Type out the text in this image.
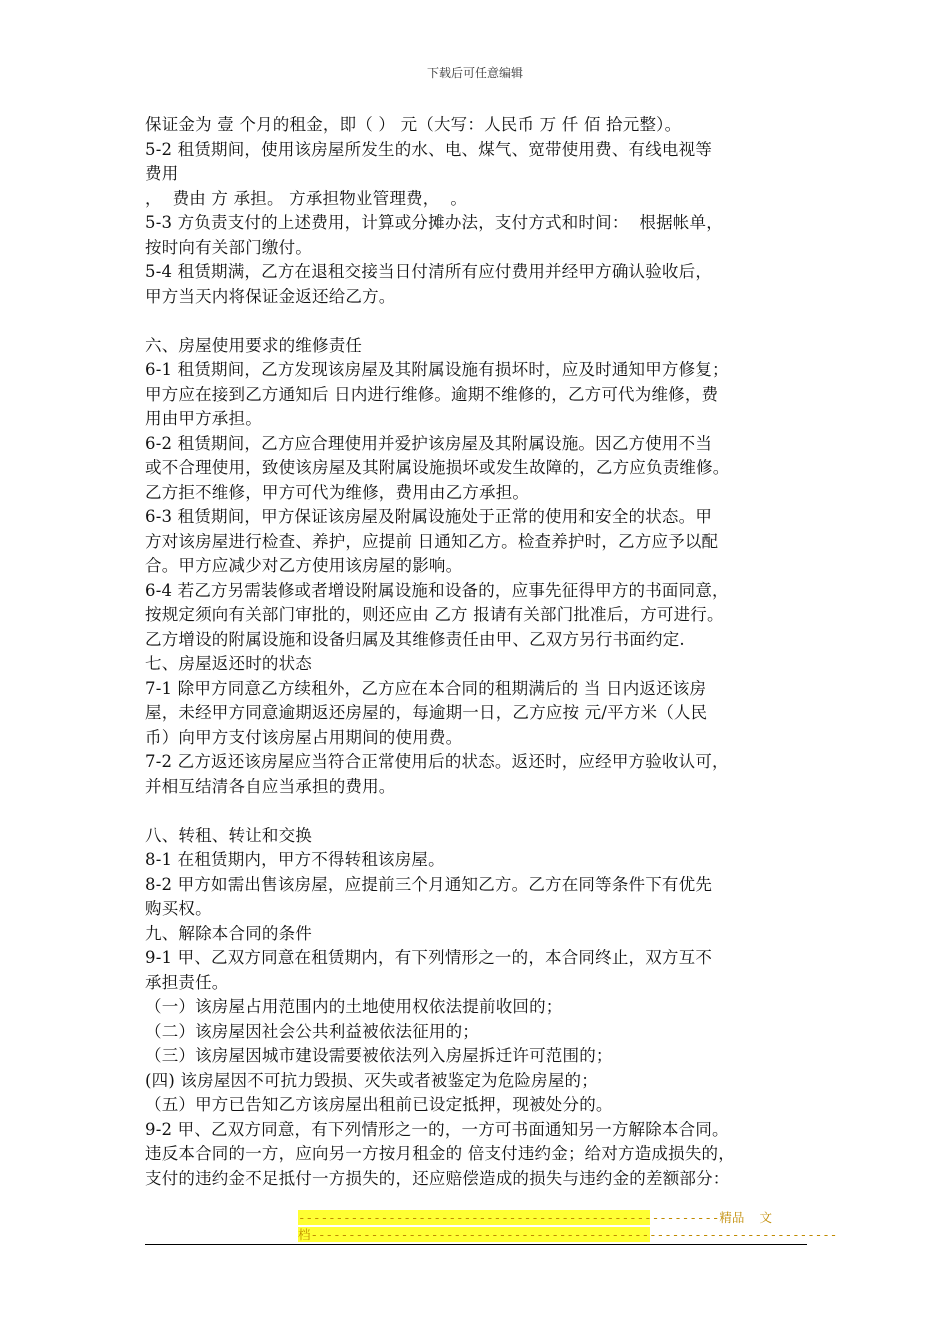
下载后可任意编辑
保证金为 壹 个月的租金，即（ ） 元（大写：人民币 万 仟 佰 拾元整）。
5-2 租赁期间，使用该房屋所发生的水、电、煤气、宽带使用费、有线电视等
费用
，  费由 方 承担。 方承担物业管理费，  。
5-3 方负责支付的上述费用，计算或分摊办法，支付方式和时间：  根据帐单，
按时向有关部门缴付。
5-4 租赁期满，乙方在退租交接当日付清所有应付费用并经甲方确认验收后，
甲方当天内将保证金返还给乙方。
六、房屋使用要求的维修责任
6-1 租赁期间，乙方发现该房屋及其附属设施有损坏时，应及时通知甲方修复；
甲方应在接到乙方通知后 日内进行维修。逾期不维修的，乙方可代为维修，费
用由甲方承担。
6-2 租赁期间，乙方应合理使用并爱护该房屋及其附属设施。因乙方使用不当
或不合理使用，致使该房屋及其附属设施损坏或发生故障的，乙方应负责维修。
乙方拒不维修，甲方可代为维修，费用由乙方承担。
6-3 租赁期间，甲方保证该房屋及附属设施处于正常的使用和安全的状态。甲
方对该房屋进行检查、养护，应提前 日通知乙方。检查养护时，乙方应予以配
合。甲方应减少对乙方使用该房屋的影响。
6-4 若乙方另需装修或者增设附属设施和设备的，应事先征得甲方的书面同意，
按规定须向有关部门审批的，则还应由 乙方 报请有关部门批准后，方可进行。
乙方增设的附属设施和设备归属及其维修责任由甲、乙双方另行书面约定.
七、房屋返还时的状态
7-1 除甲方同意乙方续租外，乙方应在本合同的租期满后的 当 日内返还该房
屋，未经甲方同意逾期返还房屋的，每逾期一日，乙方应按 元/平方米（人民
币）向甲方支付该房屋占用期间的使用费。
7-2 乙方返还该房屋应当符合正常使用后的状态。返还时，应经甲方验收认可，
并相互结清各自应当承担的费用。
八、转租、转让和交换
8-1 在租赁期内，甲方不得转租该房屋。
8-2 甲方如需出售该房屋，应提前三个月通知乙方。乙方在同等条件下有优先
购买权。
九、解除本合同的条件
9-1 甲、乙双方同意在租赁期内，有下列情形之一的，本合同终止，双方互不
承担责任。
（一）该房屋占用范围内的土地使用权依法提前收回的；
（二）该房屋因社会公共利益被依法征用的；
（三）该房屋因城市建设需要被依法列入房屋拆迁许可范围的；
(四) 该房屋因不可抗力毁损、灭失或者被鉴定为危险房屋的；
（五）甲方已告知乙方该房屋出租前已设定抵押，现被处分的。
9-2 甲、乙双方同意，有下列情形之一的，一方可书面通知另一方解除本合同。
违反本合同的一方，应向另一方按月租金的 倍支付违约金；给对方造成损失的，
支付的违约金不足抵付一方损失的，还应赔偿造成的损失与违约金的差额部分：
--------------------------------------------------------精品  文
档----------------------------------------------------------------------
